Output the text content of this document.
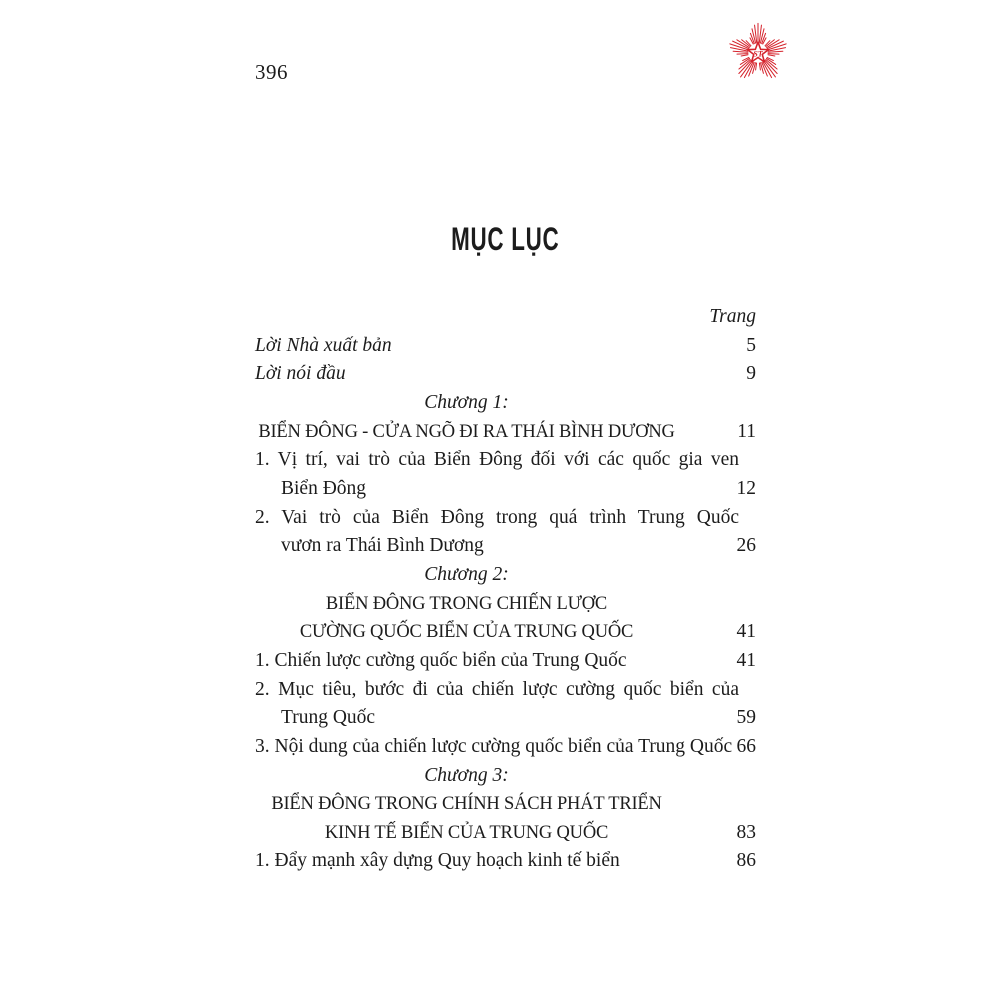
396
ST
MỤC LỤC
Trang
Lời Nhà xuất bản	5
Lời nói đầu	9
Chương 1:
BIỂN ĐÔNG - CỬA NGÕ ĐI RA THÁI BÌNH DƯƠNG	11
1. Vị trí, vai trò của Biển Đông đối với các quốc gia ven
Biển Đông	12
2. Vai trò của Biển Đông trong quá trình Trung Quốc
vươn ra Thái Bình Dương	26
Chương 2:
BIỂN ĐÔNG TRONG CHIẾN LƯỢC
CƯỜNG QUỐC BIỂN CỦA TRUNG QUỐC	41
1. Chiến lược cường quốc biển của Trung Quốc	41
2. Mục tiêu, bước đi của chiến lược cường quốc biển của
Trung Quốc	59
3. Nội dung của chiến lược cường quốc biển của Trung Quốc 66
Chương 3:
BIỂN ĐÔNG TRONG CHÍNH SÁCH PHÁT TRIỂN
KINH TẾ BIỂN CỦA TRUNG QUỐC	83
1. Đẩy mạnh xây dựng Quy hoạch kinh tế biển	86
